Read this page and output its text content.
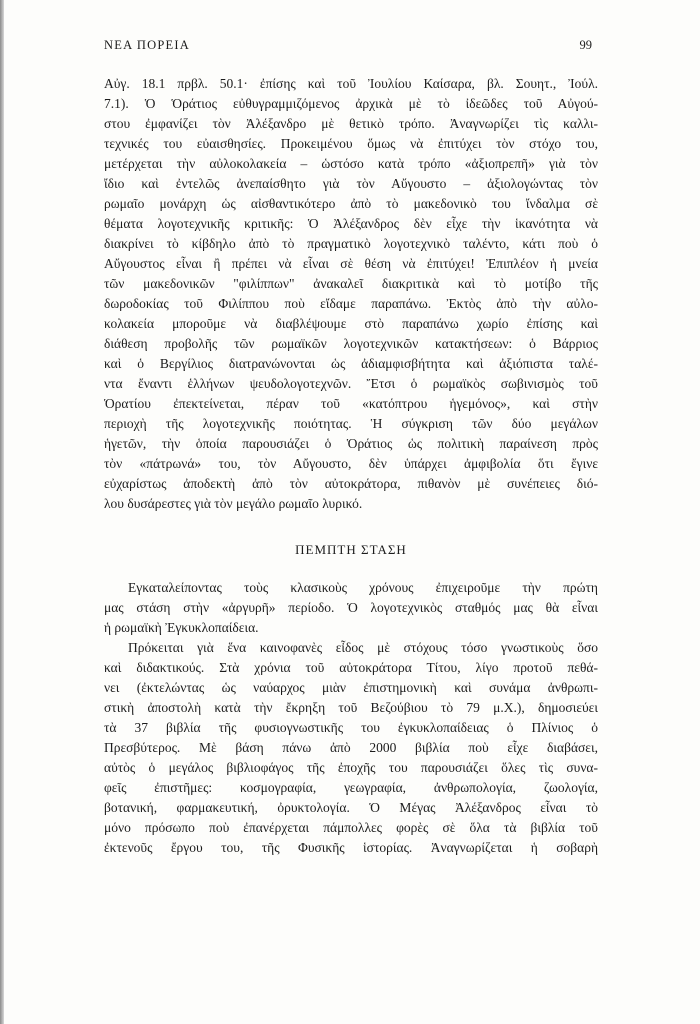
ΝΕΑ ΠΟΡΕΙΑ	99
Αὐγ. 18.1 πρβλ. 50.1· ἐπίσης καὶ τοῦ Ἰουλίου Καίσαρα, βλ. Σουητ., Ἰούλ.
7.1). Ὁ Ὁράτιος εὐθυγραμμιζόμενος ἀρχικὰ μὲ τὸ ἰδεῶδες τοῦ Αὐγού-
στου ἐμφανίζει τὸν Ἀλέξανδρο μὲ θετικὸ τρόπο. Ἀναγνωρίζει τὶς καλλι-
τεχνικές του εὐαισθησίες. Προκειμένου ὅμως νὰ ἐπιτύχει τὸν στόχο του,
μετέρχεται τὴν αὐλοκολακεία – ὡστόσο κατὰ τρόπο «ἀξιοπρεπῆ» γιὰ τὸν
ἴδιο καὶ ἐντελῶς ἀνεπαίσθητο γιὰ τὸν Αὔγουστο – ἀξιολογώντας τὸν
ρωμαῖο μονάρχη ὡς αἰσθαντικότερο ἀπὸ τὸ μακεδονικὸ του ἴνδαλμα σὲ
θέματα λογοτεχνικῆς κριτικῆς: Ὁ Ἀλέξανδρος δὲν εἶχε τὴν ἱκανότητα νὰ
διακρίνει τὸ κίβδηλο ἀπὸ τὸ πραγματικὸ λογοτεχνικὸ ταλέντο, κάτι ποὺ ὁ
Αὔγουστος εἶναι ἢ πρέπει νὰ εἶναι σὲ θέση νὰ ἐπιτύχει! Ἐπιπλέον ἡ μνεία
τῶν μακεδονικῶν "φιλίππων" ἀνακαλεῖ διακριτικὰ καὶ τὸ μοτίβο τῆς
δωροδοκίας τοῦ Φιλίππου ποὺ εἴδαμε παραπάνω. Ἐκτὸς ἀπὸ τὴν αὐλο-
κολακεία μποροῦμε νὰ διαβλέψουμε στὸ παραπάνω χωρίο ἐπίσης καὶ
διάθεση προβολῆς τῶν ρωμαϊκῶν λογοτεχνικῶν κατακτήσεων: ὁ Βάρριος
καὶ ὁ Βεργίλιος διατρανώνονται ὡς ἀδιαμφισβήτητα καὶ ἀξιόπιστα ταλέ-
ντα ἔναντι ἑλλήνων ψευδολογοτεχνῶν. Ἔτσι ὁ ρωμαϊκὸς σωβινισμὸς τοῦ
Ὁρατίου ἐπεκτείνεται, πέραν τοῦ «κατόπτρου ἡγεμόνος», καὶ στὴν
περιοχὴ τῆς λογοτεχνικῆς ποιότητας. Ἡ σύγκριση τῶν δύο μεγάλων
ἡγετῶν, τὴν ὁποία παρουσιάζει ὁ Ὁράτιος ὡς πολιτικὴ παραίνεση πρὸς
τὸν «πάτρωνά» του, τὸν Αὔγουστο, δὲν ὑπάρχει ἀμφιβολία ὅτι ἔγινε
εὐχαρίστως ἀποδεκτὴ ἀπὸ τὸν αὐτοκράτορα, πιθανὸν μὲ συνέπειες διό-
λου δυσάρεστες γιὰ τὸν μεγάλο ρωμαῖο λυρικό.
ΠΕΜΠΤΗ ΣΤΑΣΗ
Εγκαταλείποντας τοὺς κλασικοὺς χρόνους ἐπιχειροῦμε τὴν πρώτη
μας στάση στὴν «ἀργυρῆ» περίοδο. Ὁ λογοτεχνικὸς σταθμός μας θὰ εἶναι
ἡ ρωμαϊκὴ Ἐγκυκλοπαίδεια.
Πρόκειται γιὰ ἕνα καινοφανὲς εἶδος μὲ στόχους τόσο γνωστικοὺς ὅσο
καὶ διδακτικούς. Στὰ χρόνια τοῦ αὐτοκράτορα Τίτου, λίγο προτοῦ πεθά-
νει (ἐκτελώντας ὡς ναύαρχος μιὰν ἐπιστημονικὴ καὶ συνάμα ἀνθρωπι-
στικὴ ἀποστολὴ κατὰ τὴν ἔκρηξη τοῦ Βεζούβιου τὸ 79 μ.Χ.), δημοσιεύει
τὰ 37 βιβλία τῆς φυσιογνωστικῆς του ἐγκυκλοπαίδειας ὁ Πλίνιος ὁ
Πρεσβύτερος. Μὲ βάση πάνω ἀπὸ 2000 βιβλία ποὺ εἶχε διαβάσει,
αὐτὸς ὁ μεγάλος βιβλιοφάγος τῆς ἐποχῆς του παρουσιάζει ὅλες τὶς συνα-
φεῖς ἐπιστῆμες: κοσμογραφία, γεωγραφία, ἀνθρωπολογία, ζωολογία,
βοτανική, φαρμακευτική, ὀρυκτολογία. Ὁ Μέγας Ἀλέξανδρος εἶναι τὸ
μόνο πρόσωπο ποὺ ἐπανέρχεται πάμπολλες φορὲς σὲ ὅλα τὰ βιβλία τοῦ
ἐκτενοῦς ἔργου του, τῆς Φυσικῆς ἱστορίας. Ἀναγνωρίζεται ἡ σοβαρὴ
